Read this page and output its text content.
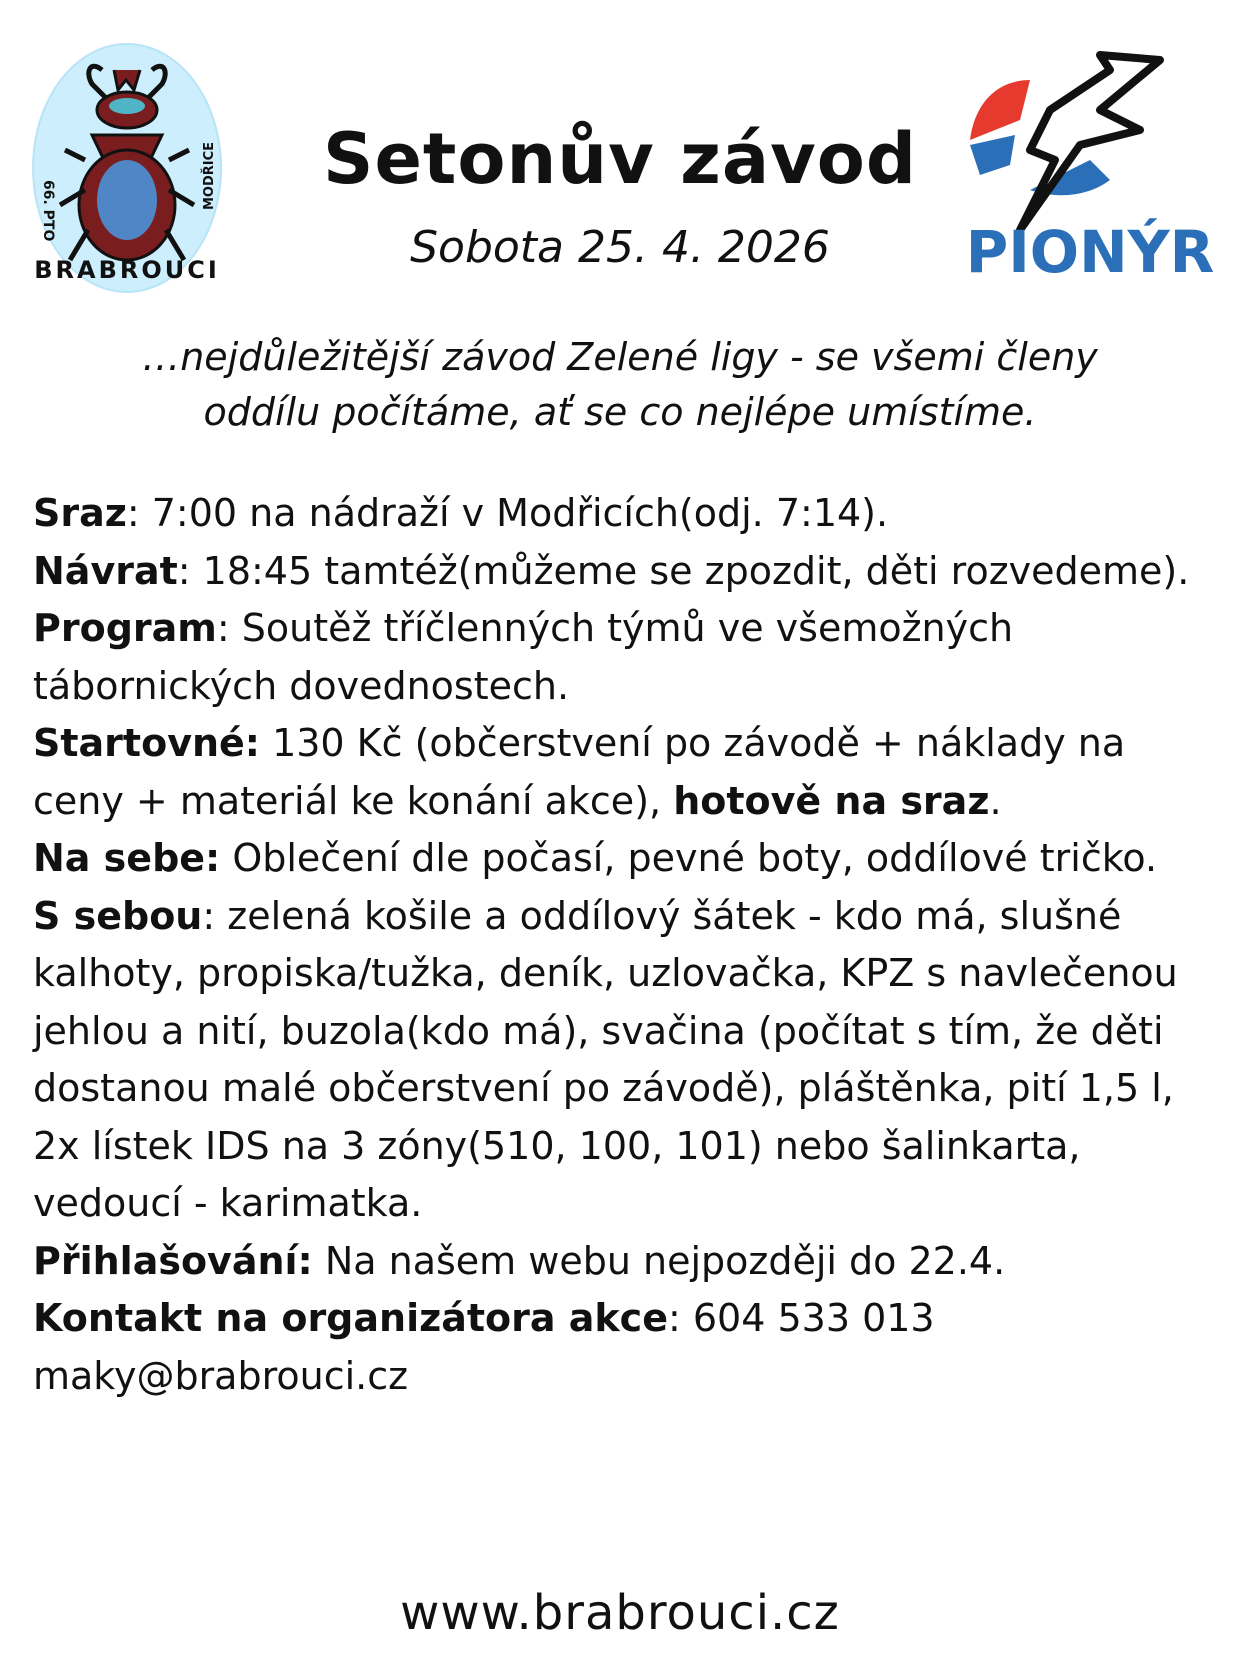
66. PTO
MODŘICE
BRABROUCI	PIONÝR
Setonův závod
Sobota 25. 4. 2026
…nejdůležitější závod Zelené ligy - se všemi členy
oddílu počítáme, ať se co nejlépe umístíme.

Sraz: 7:00 na nádraží v Modřicích(odj. 7:14).

Návrat: 18:45 tamtéž(můžeme se zpozdit, děti rozvedeme).

Program: Soutěž tříčlenných týmů ve všemožných tábornických dovednostech.

Startovné: 130 Kč (občerstvení po závodě + náklady na ceny + materiál ke konání akce), hotově na sraz.

Na sebe: Oblečení dle počasí, pevné boty, oddílové tričko.

S sebou: zelená košile a oddílový šátek - kdo má, slušné kalhoty, propiska/tužka, deník, uzlovačka, KPZ s navlečenou jehlou a nití, buzola(kdo má), svačina (počítat s tím, že děti dostanou malé občerstvení po závodě), pláštěnka, pití 1,5 l, 2x lístek IDS na 3 zóny(510, 100, 101) nebo šalinkarta, vedoucí - karimatka.

Přihlašování: Na našem webu nejpozději do 22.4.

Kontakt na organizátora akce: 604 533 013 maky@brabrouci.cz

www.brabrouci.cz
